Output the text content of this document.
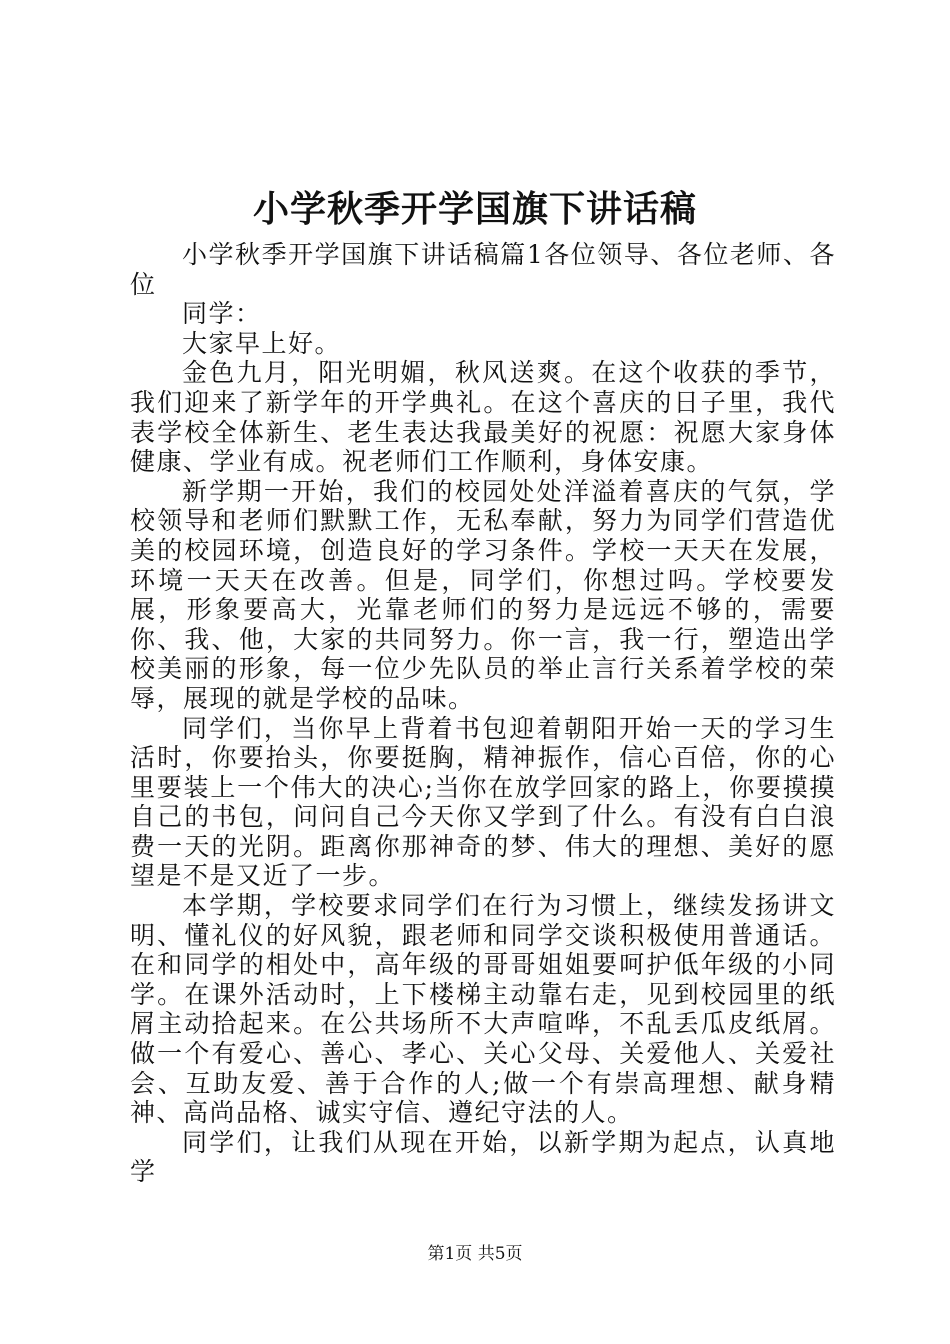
小学秋季开学国旗下讲话稿

小学秋季开学国旗下讲话稿篇1各位领导、各位老师、各位

同学：

大家早上好。

金色九月，阳光明媚，秋风送爽。在这个收获的季节，我们迎来了新学年的开学典礼。在这个喜庆的日子里，我代表学校全体新生、老生表达我最美好的祝愿：祝愿大家身体健康、学业有成。祝老师们工作顺利，身体安康。

新学期一开始，我们的校园处处洋溢着喜庆的气氛，学校领导和老师们默默工作，无私奉献，努力为同学们营造优美的校园环境，创造良好的学习条件。学校一天天在发展，环境一天天在改善。但是，同学们，你想过吗。学校要发展，形象要高大，光靠老师们的努力是远远不够的，需要你、我、他，大家的共同努力。你一言，我一行，塑造出学校美丽的形象，每一位少先队员的举止言行关系着学校的荣辱，展现的就是学校的品味。

同学们，当你早上背着书包迎着朝阳开始一天的学习生活时，你要抬头，你要挺胸，精神振作，信心百倍，你的心里要装上一个伟大的决心;当你在放学回家的路上，你要摸摸自己的书包，问问自己今天你又学到了什么。有没有白白浪费一天的光阴。距离你那神奇的梦、伟大的理想、美好的愿望是不是又近了一步。

本学期，学校要求同学们在行为习惯上，继续发扬讲文明、懂礼仪的好风貌，跟老师和同学交谈积极使用普通话。在和同学的相处中，高年级的哥哥姐姐要呵护低年级的小同学。在课外活动时，上下楼梯主动靠右走，见到校园里的纸屑主动拾起来。在公共场所不大声喧哗，不乱丢瓜皮纸屑。做一个有爱心、善心、孝心、关心父母、关爱他人、关爱社会、互助友爱、善于合作的人;做一个有崇高理想、献身精神、高尚品格、诚实守信、遵纪守法的人。

同学们，让我们从现在开始，以新学期为起点，认真地学

第1页 共5页
